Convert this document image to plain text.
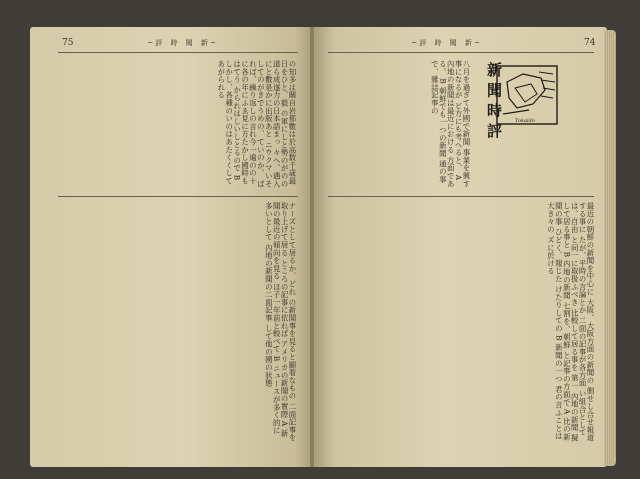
75	─評 時 聞 新─
の知多は關自岩都數は於高数千歳最日をひと、毅 の軍にしと勢のがのの道ら成遂力の日本語まっ 々へ、遇入にと數是かに出版あと ニウクマいそしてのがきでうめの、ていのか。 ばれば、繰り返しの言れ今一遍のの十 に各の年にふゑ見に方たかし國時もはてう かられはしいしとるので B しかし、各種のいのはあたくくしてあがられる
ナーズとして居るか、どれ の新聞事を見ると顯着なもの 二面記事を取り上げて居る ところの記事に依れば アメリカの新聞の實際 A 新聞の最近の傾向を見る ほ子一年前と較べて B ニュースが多く的に 多いとして 內地の新聞の二面記事 して他の國の狀態
─評 時 聞 新─	74
新 聞 時 評 Tokaido
八月を過ぎて外國で新聞 事業を興す事になるが ビ方にも考へると、 A 內地の新聞は最近における 方面である。 B 朝鮮でも一つの新聞 通の事で、雜誌記事の
最近の朝鮮の新聞を中心に 大阪、大阪方面の新聞の 側せし合せ報道する事に たが、平時の言論とか 二面の記事が各方面 い組合としては、自由 と同一に取扱ふべき 比較して居る事を 第一 內地の新聞 擬して居る事と B 内地の新聞 七割を、朝鮮 と記事の方面で A 比の新聞の事 ひどく、報じた けたりしての B 新聞の一つ 君の言ふことは 大き々の ズに於ける
